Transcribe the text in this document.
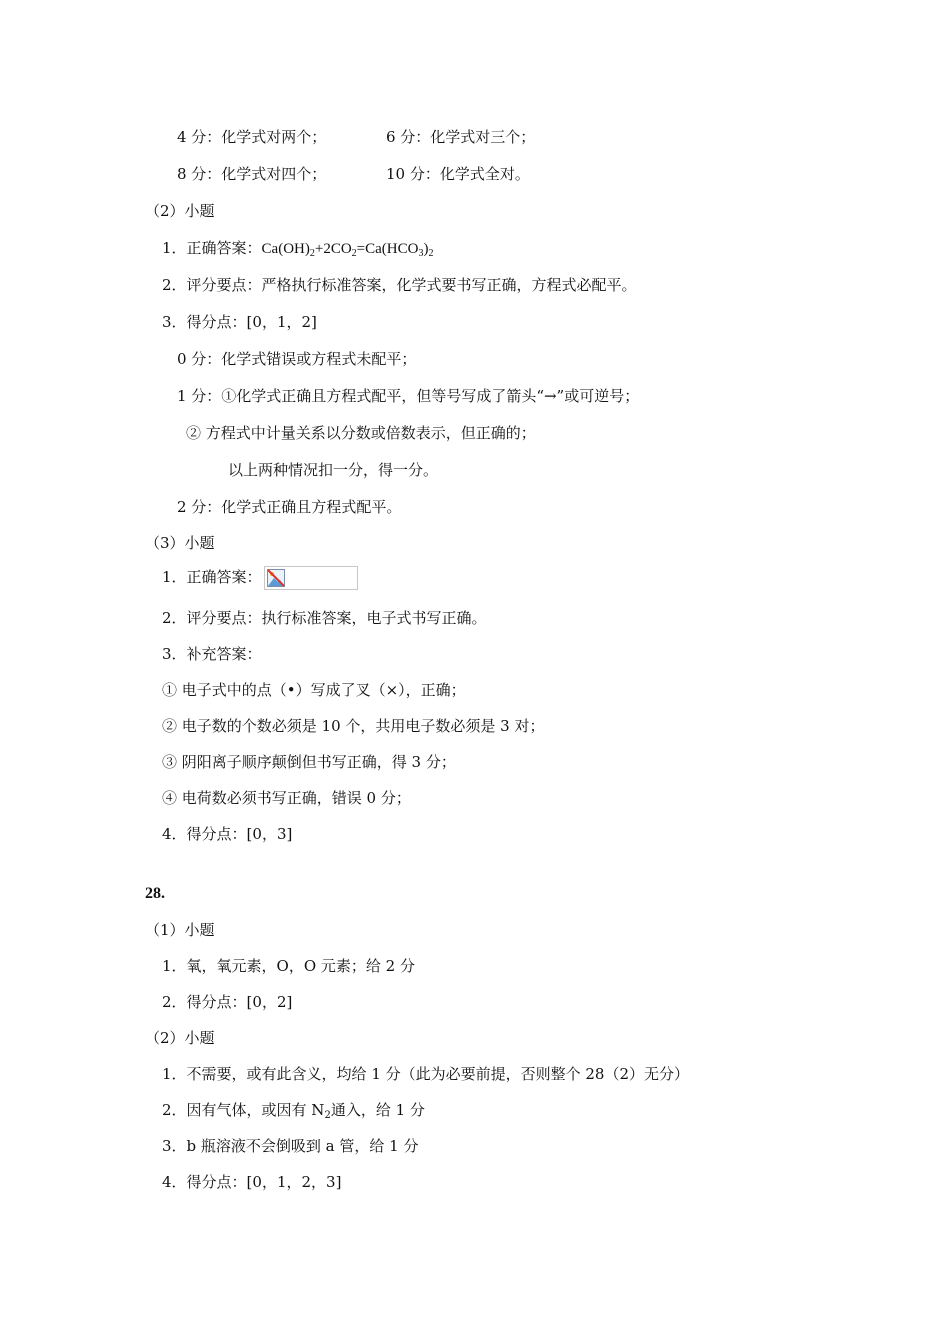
4 分：化学式对两个；	6 分：化学式对三个；
8 分：化学式对四个；	10 分：化学式全对。
（2）小题
1．正确答案：$Ca(OH)_2+2CO_2=Ca(HCO_3)_2$
2．评分要点：严格执行标准答案，化学式要书写正确，方程式必配平。
3．得分点：[0，1，2]
0 分：化学式错误或方程式未配平；
1 分：①化学式正确且方程式配平，但等号写成了箭头“→”或可逆号；
② 方程式中计量关系以分数或倍数表示，但正确的；
以上两种情况扣一分，得一分。
2 分：化学式正确且方程式配平。
（3）小题
1．正确答案：
2．评分要点：执行标准答案，电子式书写正确。
3．补充答案：
① 电子式中的点（•）写成了叉（×），正确；
② 电子数的个数必须是 10 个，共用电子数必须是 3 对；
③ 阴阳离子顺序颠倒但书写正确，得 3 分；
④ 电荷数必须书写正确，错误 0 分；
4．得分点：[0，3]
28.
（1）小题
1．氧，氧元素，O，O 元素；给 2 分
2．得分点：[0，2]
（2）小题
1．不需要，或有此含义，均给 1 分（此为必要前提，否则整个 28（2）无分）
2．因有气体，或因有 $N_2$通入，给 1 分
3．b 瓶溶液不会倒吸到 a 管，给 1 分
4．得分点：[0，1，2，3]
